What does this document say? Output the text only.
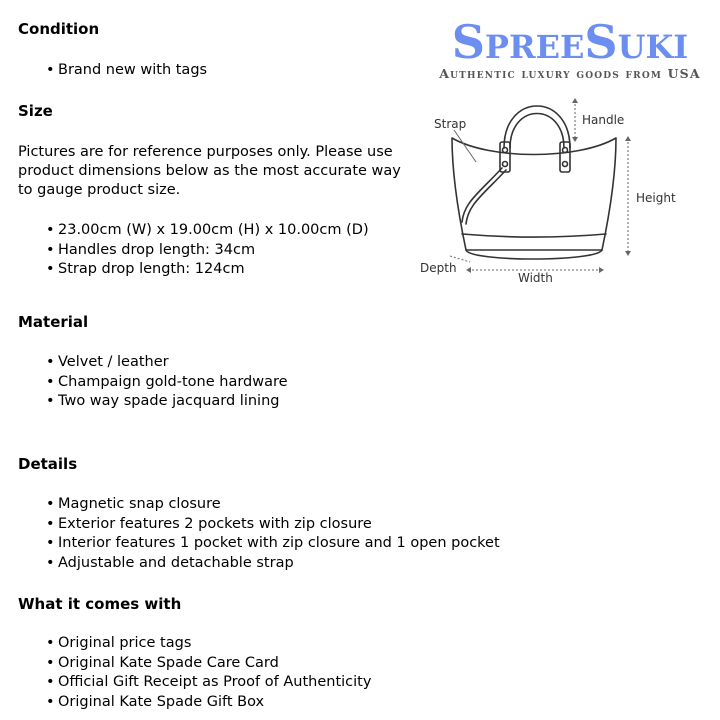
Condition
• Brand new with tags
Size

Pictures are for reference purposes only. Please use product dimensions below as the most accurate way to gauge product size.

• 23.00cm (W) x 19.00cm (H) x 10.00cm (D)
• Handles drop length: 34cm
• Strap drop length: 124cm
Material
• Velvet / leather
• Champaign gold-tone hardware
• Two way spade jacquard lining
Details
• Magnetic snap closure
• Exterior features 2 pockets with zip closure
• Interior features 1 pocket with zip closure and 1 open pocket
• Adjustable and detachable strap
What it comes with
• Original price tags
• Original Kate Spade Care Card
• Official Gift Receipt as Proof of Authenticity
• Original Kate Spade Gift Box
SpreeSuki
Authentic luxury goods from USA
Strap	Handle
Height
Depth
Width
